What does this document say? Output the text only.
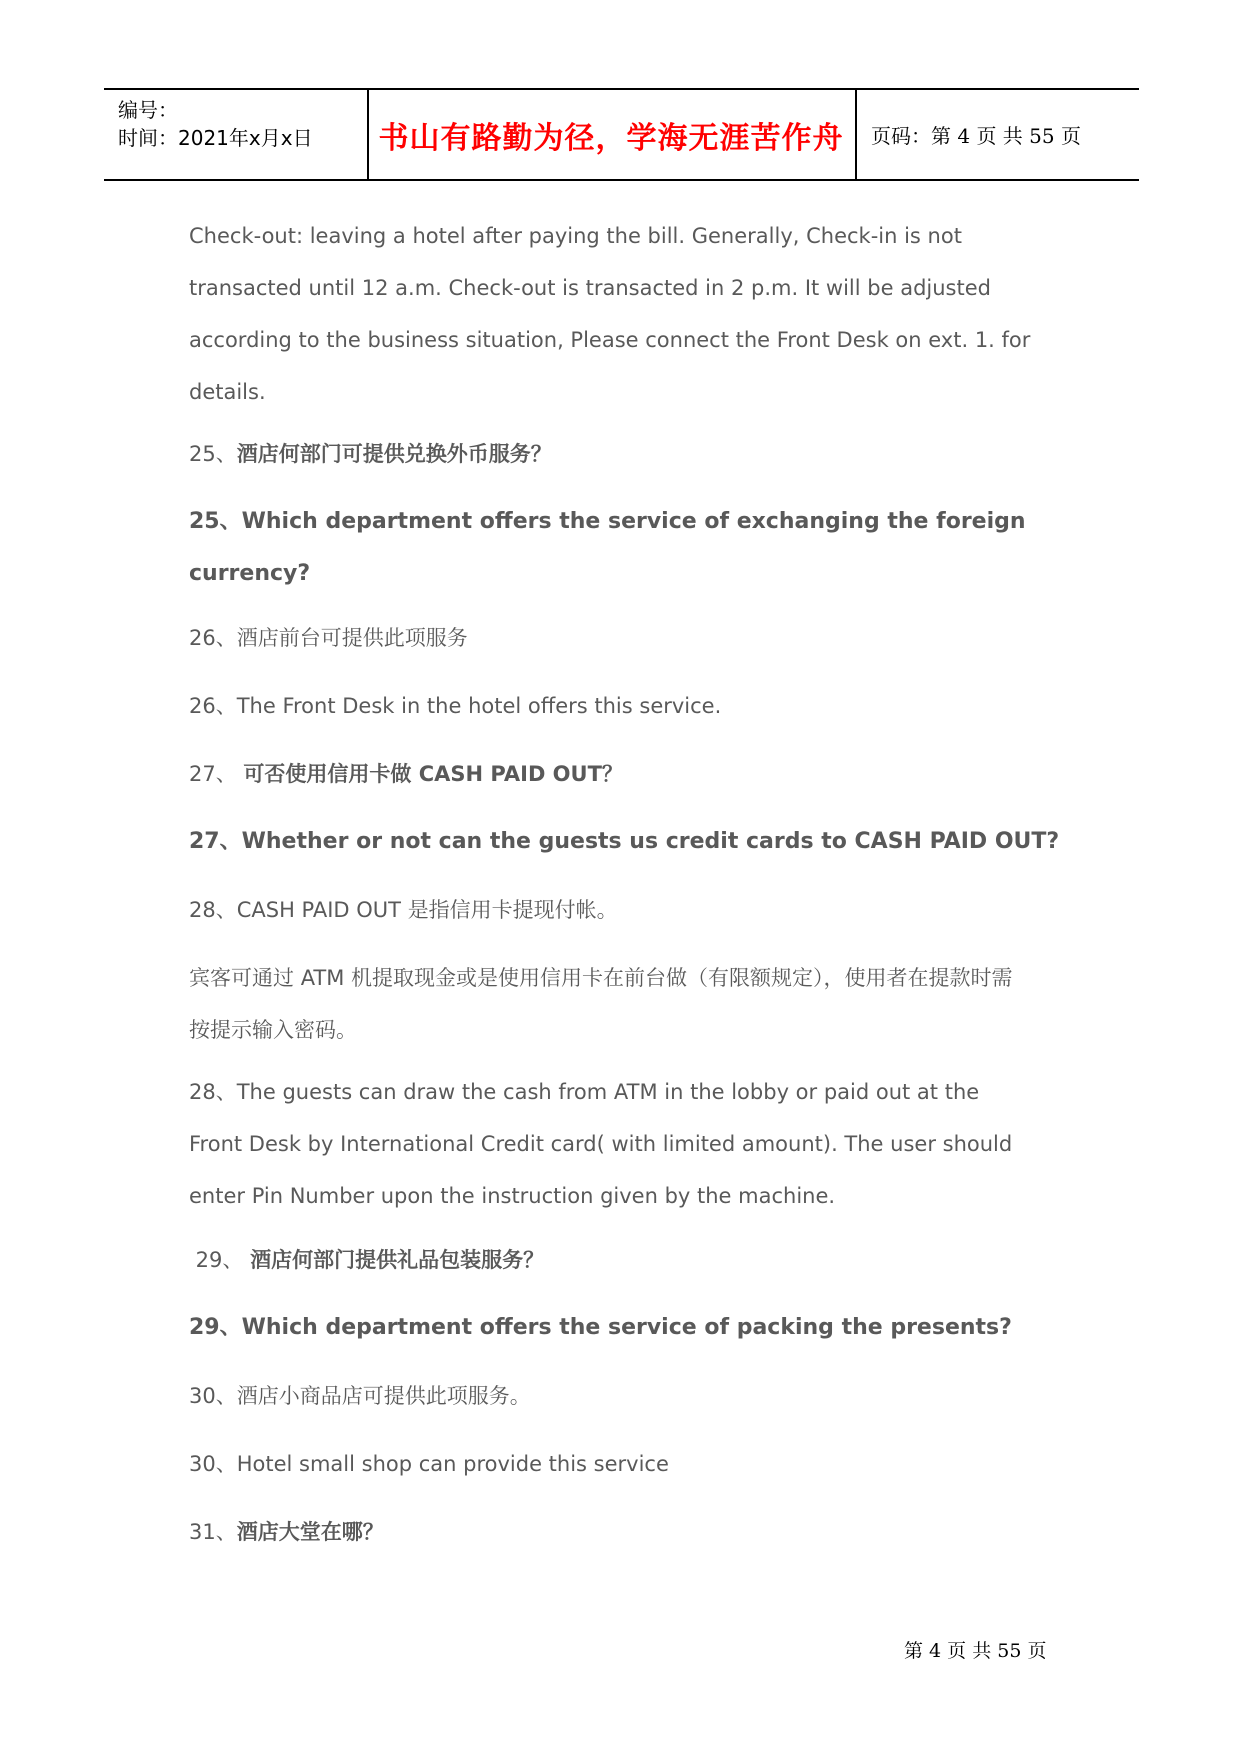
编号：
时间：2021年x月x日 书山有路勤为径，学海无涯苦作舟 页码：第 4 页 共 55 页
Check-out: leaving a hotel after paying the bill. Generally, Check-in is not
transacted until 12 a.m. Check-out is transacted in 2 p.m. It will be adjusted
according to the business situation, Please connect the Front Desk on ext. 1. for
details.
25、酒店何部门可提供兑换外币服务？
25、Which department offers the service of exchanging the foreign
currency?
26、酒店前台可提供此项服务
26、The Front Desk in the hotel offers this service.
27、 可否使用信用卡做 CASH PAID OUT？
27、Whether or not can the guests us credit cards to CASH PAID OUT?
28、CASH PAID OUT 是指信用卡提现付帐。
宾客可通过 ATM 机提取现金或是使用信用卡在前台做（有限额规定），使用者在提款时需
按提示输入密码。
28、The guests can draw the cash from ATM in the lobby or paid out at the
Front Desk by International Credit card( with limited amount). The user should
enter Pin Number upon the instruction given by the machine.
29、 酒店何部门提供礼品包装服务？
29、Which department offers the service of packing the presents?
30、酒店小商品店可提供此项服务。
30、Hotel small shop can provide this service
31、酒店大堂在哪？
第 4 页 共 55 页
